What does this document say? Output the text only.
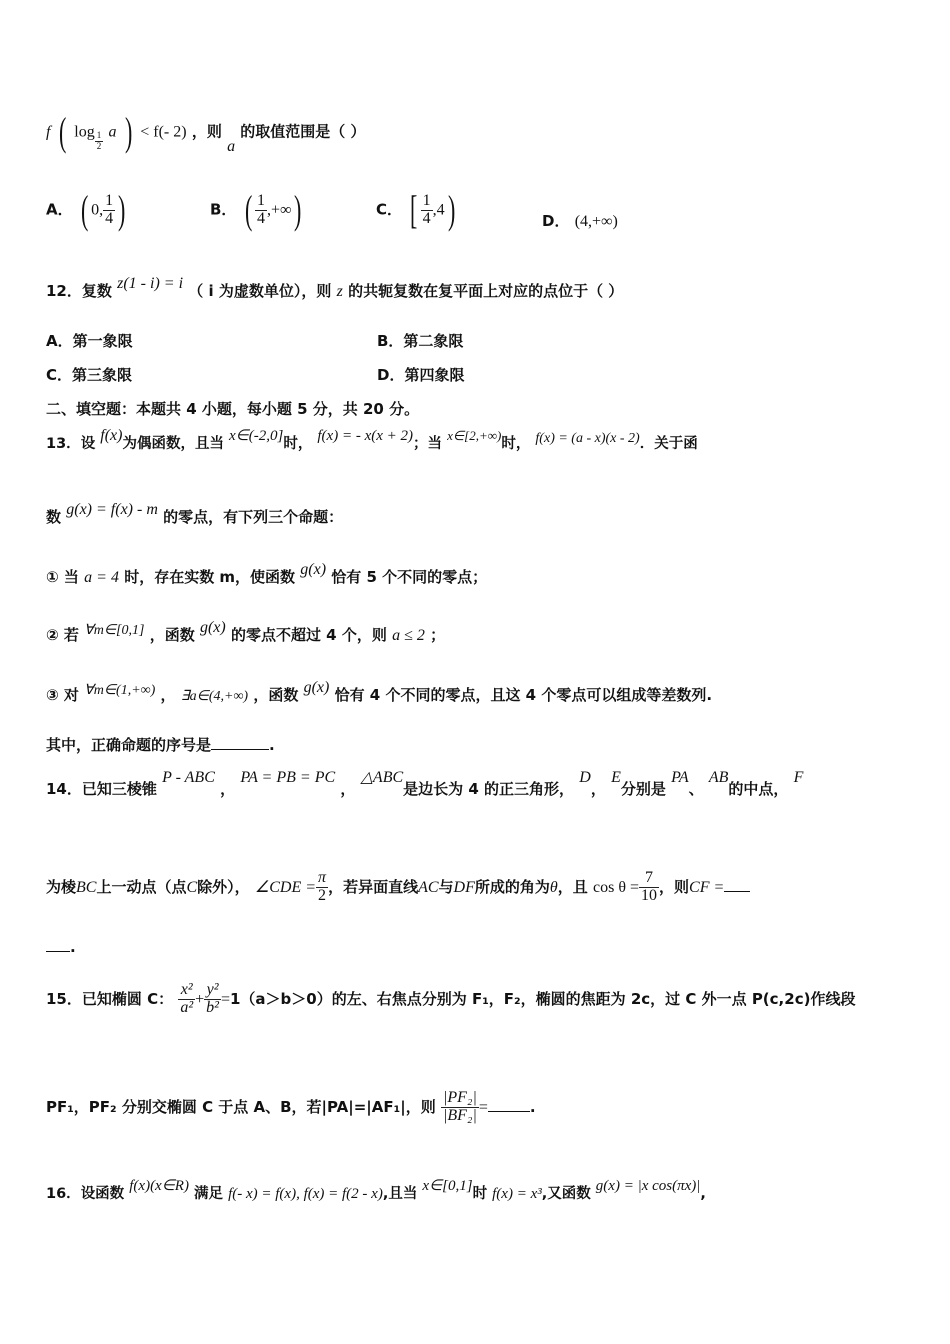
f ( $\log \frac{1}{2}$ a ) < f(- 2) ，则 a 的取值范围是（ ）
A． ( 0, $\frac{1}{4}$ )	B． ( $\frac{1}{4}$ ,+∞)	C． [ $\frac{1}{4} ,4$)	D． (4,+∞)
12．复数 z(1 - i) = i （ i 为虚数单位），则 z 的共轭复数在复平面上对应的点位于（ ）
A．第一象限	B．第二象限
C．第三象限	D．第四象限
二、填空题：本题共 4 小题，每小题 5 分，共 20 分。
13．设 f(x)为偶函数，且当 x∈(-2,0]时， f(x) = - x(x + 2)；当 x∈[2,+∞)时， f(x) = (a - x)(x - 2)．关于函
数 g(x) = f(x) - m 的零点，有下列三个命题：
① 当 a = 4 时，存在实数 m，使函数 g(x) 恰有 5 个不同的零点；
② 若 ∀m∈[0,1] ，函数 g(x) 的零点不超过 4 个，则 a ≤ 2 ；
③ 对 ∀m∈(1,+∞) ， ∃a∈(4,+∞) ，函数 g(x) 恰有 4 个不同的零点，且这 4 个零点可以组成等差数列.
其中，正确命题的序号是	.
14．已知三棱锥 P - ABC ， PA = PB = PC ， △ABC是边长为 4 的正三角形， D， E分别是 PA、 AB的中点， F
为棱BC上一动点（点C除外）， ∠CDE = $\frac{\pi}{2}$ ，若异面直线AC与DF所成的角为θ，且 $\cos \theta = \frac{7}{10}$ ，则CF =
.
15．已知椭圆 C： $\frac{\text{x²}}{\text{a²}} + \frac{\text{y²}}{\text{b²}} =1(a>b>0)$的左、右焦点分别为 F₁，F₂，椭圆的焦距为 2c，过 C 外一点 P(c,2c)作线段
PF₁，PF₂ 分别交椭圆 C 于点 A、B，若|PA|=|AF₁|，则 $\frac{\text{|PF₂|}}{\text{|BF₂|}}$ =	.
16．设函数 f(x)(x∈R) 满足 f(- x) = f(x), f(x) = f(2 - x),且当 x∈[0,1]时 f(x) = x³,又函数 g(x) = |x cos(πx)|,
